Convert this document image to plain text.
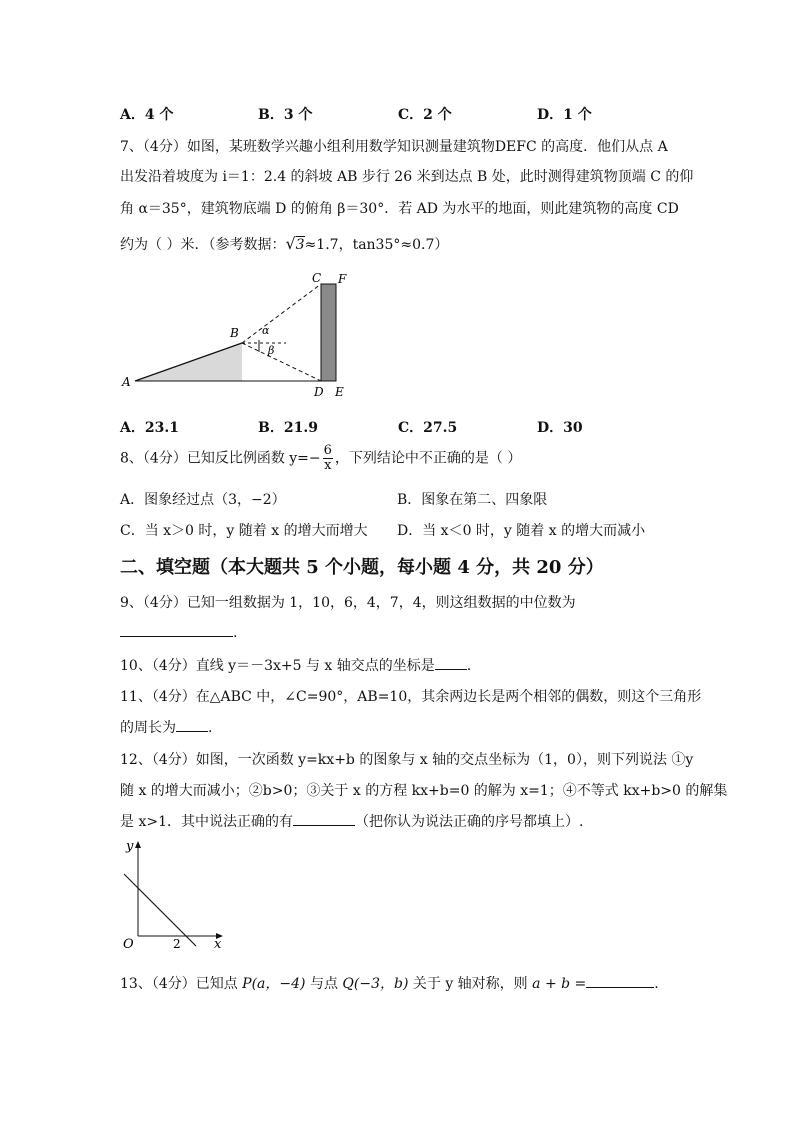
A．4 个	B．3 个	C．2 个	D．1 个
7、（4分）如图，某班数学兴趣小组利用数学知识测量建筑物DEFC 的高度．他们从点 A
出发沿着坡度为 i＝1：2.4 的斜坡 AB 步行 26 米到达点 B 处，此时测得建筑物顶端 C 的仰
角 α＝35°，建筑物底端 D 的俯角 β＝30°．若 AD 为水平的地面，则此建筑物的高度 CD
约为（ ）米．（参考数据：√3≈1.7，tan35°≈0.7）
A
B
C F
D E
α
β
A．23.1	B．21.9	C．27.5	D．30
8、（4分）已知反比例函数 $y=- \frac{6}{x}$ ，下列结论中不正确的是（ ）
A．图象经过点（3，−2）	B．图象在第二、四象限
C．当 x＞0 时，y 随着 x 的增大而增大 D．当 x＜0 时，y 随着 x 的增大而减小
二、填空题（本大题共 5 个小题，每小题 4 分，共 20 分）
9、（4分）已知一组数据为 1，10，6，4，7，4，则这组数据的中位数为
.
10、（4分）直线 y＝－3x+5 与 x 轴交点的坐标是 .
11、（4分）在△ABC 中，∠C=90°，AB=10，其余两边长是两个相邻的偶数，则这个三角形
的周长为 .
12、（4分）如图，一次函数 y=kx+b 的图象与 x 轴的交点坐标为（1，0），则下列说法 ①y
随 x 的增大而减小；②b>0；③关于 x 的方程 kx+b=0 的解为 x=1；④不等式 kx+b>0 的解集
是 x>1．其中说法正确的有	（把你认为说法正确的序号都填上）.
y
x
O	2
13、（4分）已知点 P(a，−4) 与点 Q(−3，b) 关于 y 轴对称，则 a + b =	.
